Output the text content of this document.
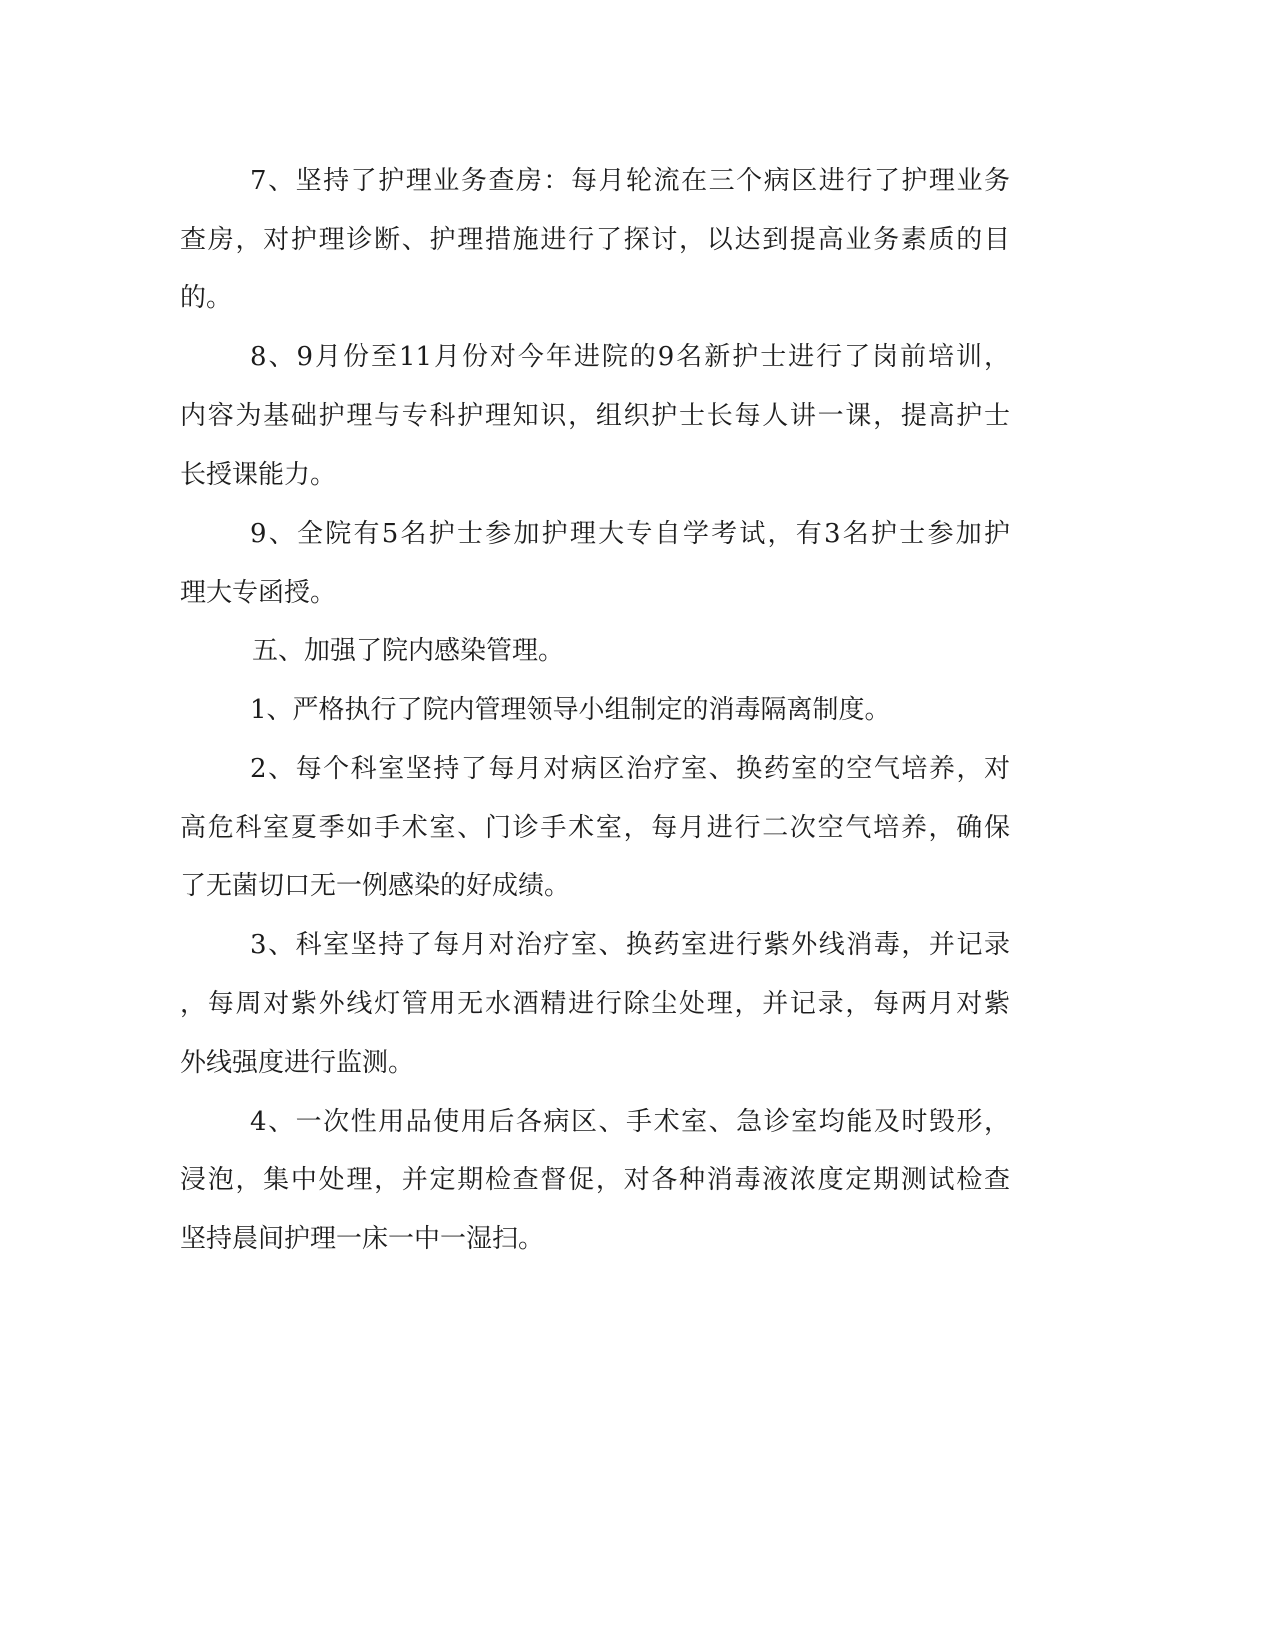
7、坚持了护理业务查房：每月轮流在三个病区进行了护理业务
查房，对护理诊断、护理措施进行了探讨，以达到提高业务素质的目
的。
8、9月份至11月份对今年进院的9名新护士进行了岗前培训，
内容为基础护理与专科护理知识，组织护士长每人讲一课，提高护士
长授课能力。
9、全院有5名护士参加护理大专自学考试，有3名护士参加护
理大专函授。
五、加强了院内感染管理。
1、严格执行了院内管理领导小组制定的消毒隔离制度。
2、每个科室坚持了每月对病区治疗室、换药室的空气培养，对
高危科室夏季如手术室、门诊手术室，每月进行二次空气培养，确保
了无菌切口无一例感染的好成绩。
3、科室坚持了每月对治疗室、换药室进行紫外线消毒，并记录
，每周对紫外线灯管用无水酒精进行除尘处理，并记录，每两月对紫
外线强度进行监测。
4、一次性用品使用后各病区、手术室、急诊室均能及时毁形，
浸泡，集中处理，并定期检查督促，对各种消毒液浓度定期测试检查
坚持晨间护理一床一中一湿扫。
